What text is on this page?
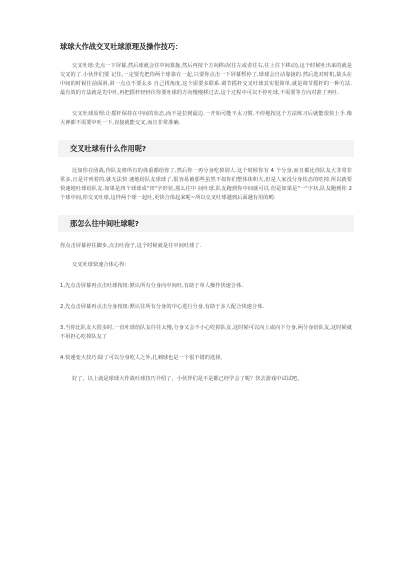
球球大作战交叉吐球原理及操作技巧：

交叉吐球:先点一下屏幕,然后球就会往中间靠拢,然后再按个方向移动(往左或者往右,往上往下移动),这个时候吐出来的就是交叉的了.小伙伴们要 记住,一定要先把你两个球靠在一起,只要你点击一下屏幕暂停了,球球会自动靠拢的.然后选对时机,箭头在中间的时候往前面斜,斜一点点不要太多 自己找角度,这个需要多联系.调节摇杆交叉吐球其实很简单,就是调节摇杆的一种方法.最有效的方法就是先中吐,再把摇杆轻轻往你要吐球的方向慢慢移过去,这个过程中可以不停吐球,不需要等方向对准了再吐.

交叉吐球原理:让摇杆保持在中间的状态,而不是拉到最边.一开始可能不太习惯,不停地按这个方法练习后就能很快上手.像大神都不需要中吐一下,直接就能交叉,而且非常准确.

交叉吐球有什么作用呢?

比如你在团战,你队友将所有的体重都给你了,然后你一再分身吃掉别人.这个时候你有 4 个分身,而且都比你队友大非常非常多,且是并列着的,就无法快 速地给队友球球了,很容易被那些虽然不如你们整体体积大,但是人家没分身状态的吃掉.所以就要快速地吐球给队友.如果是四个球球成"田"字形状,那么往中 间吐球,队友跑到你中间就可以.但是如果是"一"字状,队友跑到你 2 个球中间,你交叉吐球,这样两个球一起吐,更快合体起来呢~所以交叉吐球越到后面越有用的哟.

那怎么往中间吐球呢?

你点击屏幕停住脚步,点击吐孢子,这个时候就是往中间吐球了.

交叉吐球快速合体心得:

1,先点击屏幕再点击吐球按钮:默认所有分身向中间吐,有助于单人操作快速合体.

2,先点击屏幕再点击分身按钮:默认往所有分身的中心进行分身,有助于多人配合快速合体.

3,当你比队友大很多时,一直吐球给队友往往太慢,分身又会不小心吃掉队友,这时候可以向上或向下分身,两分身给队友,这时候就不用担心吃掉队友了

4.快速变大技巧:除了可以分身吃人之外,扎刺球也是一个很不错的选择。

好了，以上就是球球大作战吐球技巧介绍了，小伙伴们是不是都已经学会了呢？快去游戏中试试吧。
